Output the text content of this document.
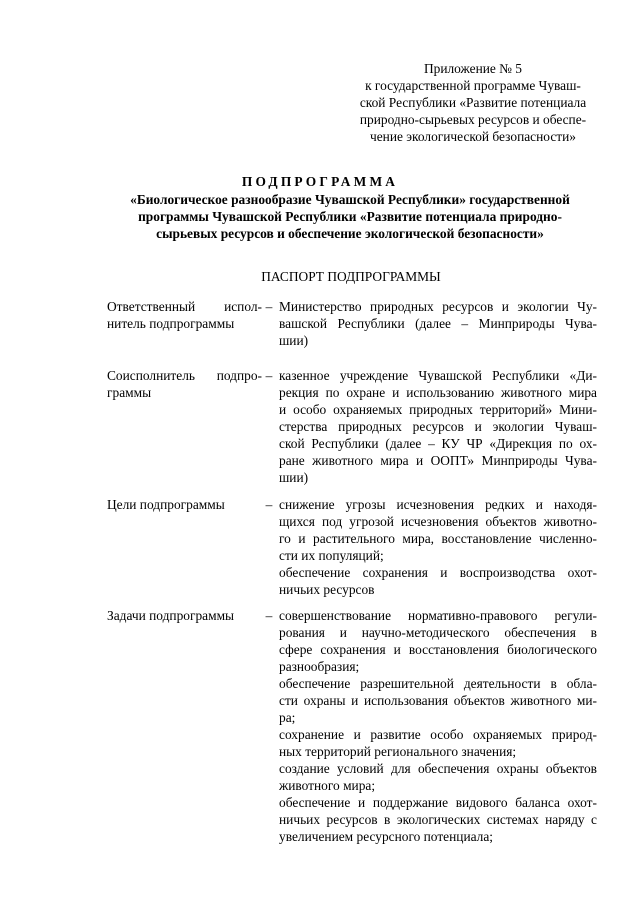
Приложение № 5
к государственной программе Чуваш-
ской Республики «Развитие потенциала
природно-сырьевых ресурсов и обеспе-
чение экологической безопасности»
ПОДПРОГРАММА
«Биологическое разнообразие Чувашской Республики» государственной
программы Чувашской Республики «Развитие потенциала природно-
сырьевых ресурсов и обеспечение экологической безопасности»
ПАСПОРТ ПОДПРОГРАММЫ
Ответственный испол-
нитель подпрограммы
– Министерство природных ресурсов и экологии Чу-
вашской Республики (далее – Минприроды Чува-
шии)
Соисполнитель подпро-
граммы
– казенное учреждение Чувашской Республики «Ди-
рекция по охране и использованию животного мира
и особо охраняемых природных территорий» Мини-
стерства природных ресурсов и экологии Чуваш-
ской Республики (далее – КУ ЧР «Дирекция по ох-
ране животного мира и ООПТ» Минприроды Чува-
шии)
Цели подпрограммы	– снижение угрозы исчезновения редких и находя-
щихся под угрозой исчезновения объектов животно-
го и растительного мира, восстановление численно-
сти их популяций;
обеспечение сохранения и воспроизводства охот-
ничьих ресурсов
Задачи подпрограммы	– совершенствование нормативно-правового регули-
рования и научно-методического обеспечения в
сфере сохранения и восстановления биологического
разнообразия;
обеспечение разрешительной деятельности в обла-
сти охраны и использования объектов животного ми-
ра;
сохранение и развитие особо охраняемых природ-
ных территорий регионального значения;
создание условий для обеспечения охраны объектов
животного мира;
обеспечение и поддержание видового баланса охот-
ничьих ресурсов в экологических системах наряду с
увеличением ресурсного потенциала;
